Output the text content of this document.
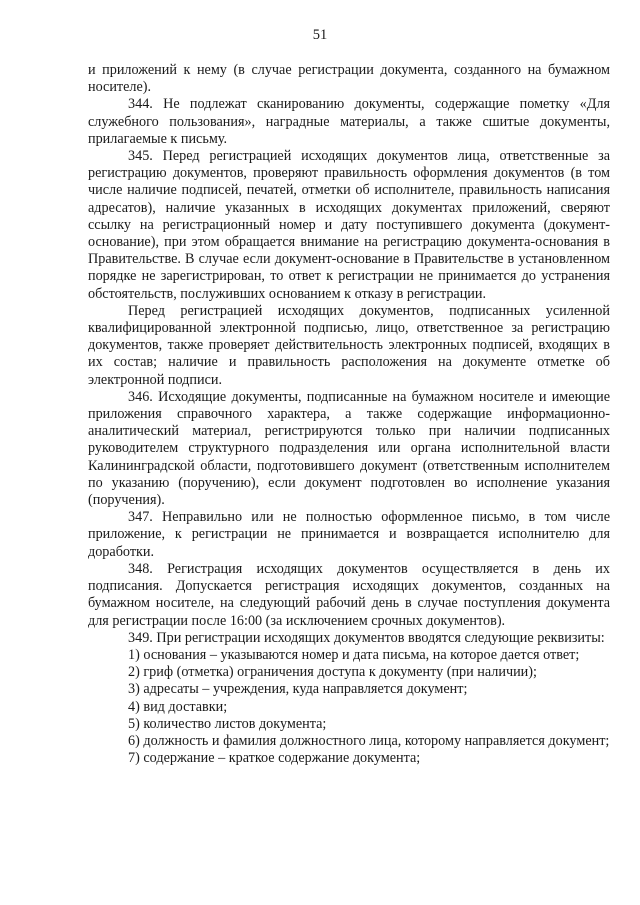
51

и приложений к нему (в случае регистрации документа, созданного на бумажном носителе).

344. Не подлежат сканированию документы, содержащие пометку «Для служебного пользования», наградные материалы, а также сшитые документы, прилагаемые к письму.

345. Перед регистрацией исходящих документов лица, ответственные за регистрацию документов, проверяют правильность оформления документов (в том числе наличие подписей, печатей, отметки об исполнителе, правильность написания адресатов), наличие указанных в исходящих документах приложений, сверяют ссылку на регистрационный номер и дату поступившего документа (документ-основание), при этом обращается внимание на регистрацию документа-основания в Правительстве. В случае если документ-основание в Правительстве в установленном порядке не зарегистрирован, то ответ к регистрации не принимается до устранения обстоятельств, послуживших основанием к отказу в регистрации.

Перед регистрацией исходящих документов, подписанных усиленной квалифицированной электронной подписью, лицо, ответственное за регистрацию документов, также проверяет действительность электронных подписей, входящих в их состав; наличие и правильность расположения на документе отметке об электронной подписи.

346. Исходящие документы, подписанные на бумажном носителе и имеющие приложения справочного характера, а также содержащие информационно-аналитический материал, регистрируются только при наличии подписанных руководителем структурного подразделения или органа исполнительной власти Калининградской области, подготовившего документ (ответственным исполнителем по указанию (поручению), если документ подготовлен во исполнение указания (поручения).

347. Неправильно или не полностью оформленное письмо, в том числе приложение, к регистрации не принимается и возвращается исполнителю для доработки.

348. Регистрация исходящих документов осуществляется в день их подписания. Допускается регистрация исходящих документов, созданных на бумажном носителе, на следующий рабочий день в случае поступления документа для регистрации после 16:00 (за исключением срочных документов).

349. При регистрации исходящих документов вводятся следующие реквизиты:

1) основания – указываются номер и дата письма, на которое дается ответ;

2) гриф (отметка) ограничения доступа к документу (при наличии);

3) адресаты – учреждения, куда направляется документ;

4) вид доставки;

5) количество листов документа;

6) должность и фамилия должностного лица, которому направляется документ;

7) содержание – краткое содержание документа;
